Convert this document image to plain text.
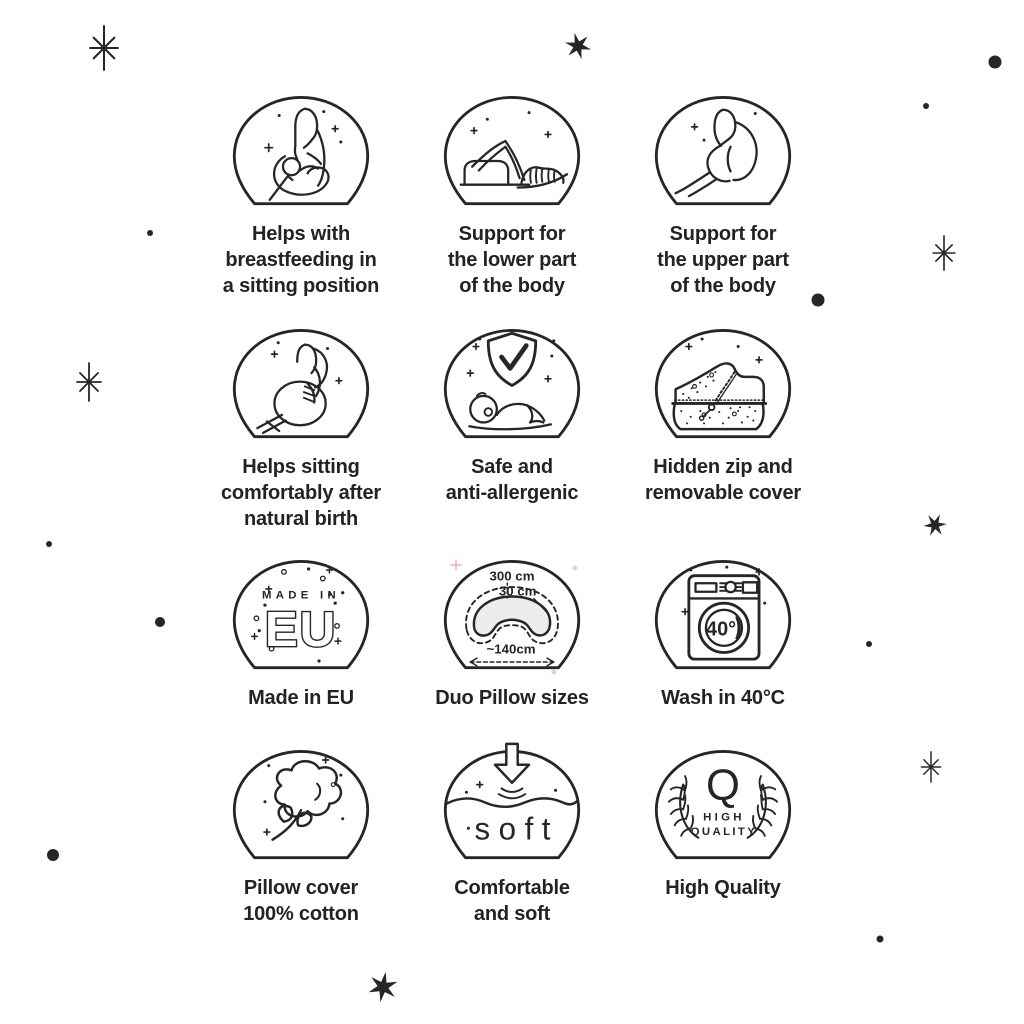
Helps with
breastfeeding in
a sitting position
Support for
the lower part
of the body
Support for
the upper part
of the body
Helps sitting
comfortably after
natural birth
Safe and
anti-allergenic
Hidden zip and
removable cover
MADE IN
EU
Made in EU
300 cm
30 cm
~140cm
Duo Pillow sizes
40°
Wash in 40°C
Pillow cover
100% cotton
soft
Comfortable
and soft
Q
HIGH
QUALITY
High Quality
